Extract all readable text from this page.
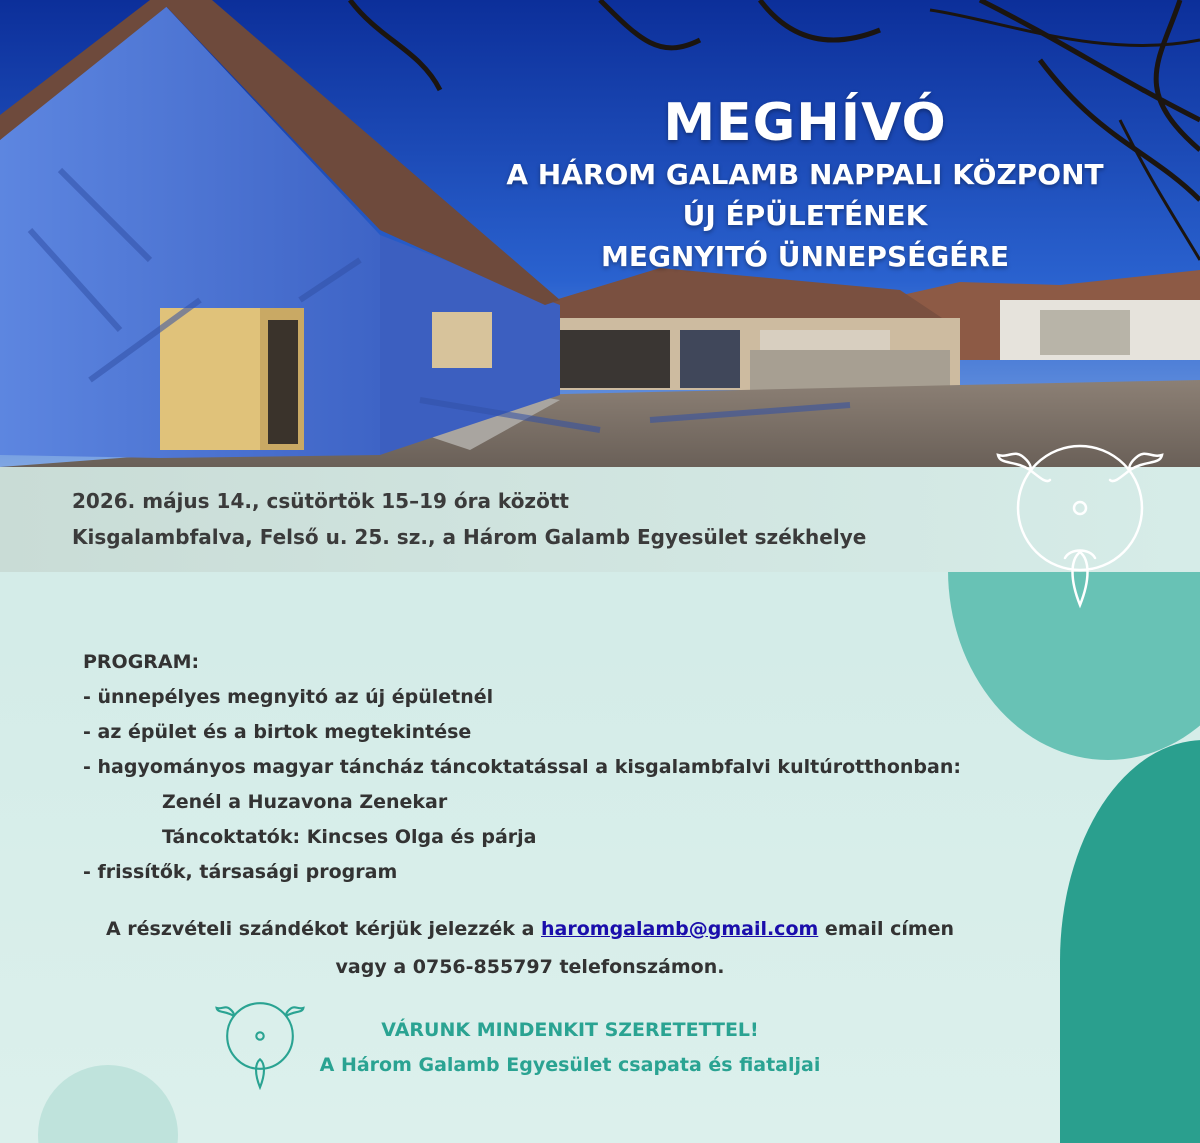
MEGHÍVÓ
A HÁROM GALAMB NAPPALI KÖZPONT
ÚJ ÉPÜLETÉNEK
MEGNYITÓ ÜNNEPSÉGÉRE
2026. május 14., csütörtök 15–19 óra között
Kisgalambfalva, Felső u. 25. sz., a Három Galamb Egyesület székhelye
PROGRAM:
- ünnepélyes megnyitó az új épületnél
- az épület és a birtok megtekintése
- hagyományos magyar táncház táncoktatással a kisgalambfalvi kultúrotthonban:
Zenél a Huzavona Zenekar
Táncoktatók: Kincses Olga és párja
- frissítők, társasági program
A részvételi szándékot kérjük jelezzék a haromgalamb@gmail.com email címen
vagy a 0756-855797 telefonszámon.
VÁRUNK MINDENKIT SZERETETTEL!
A Három Galamb Egyesület csapata és fiataljai
